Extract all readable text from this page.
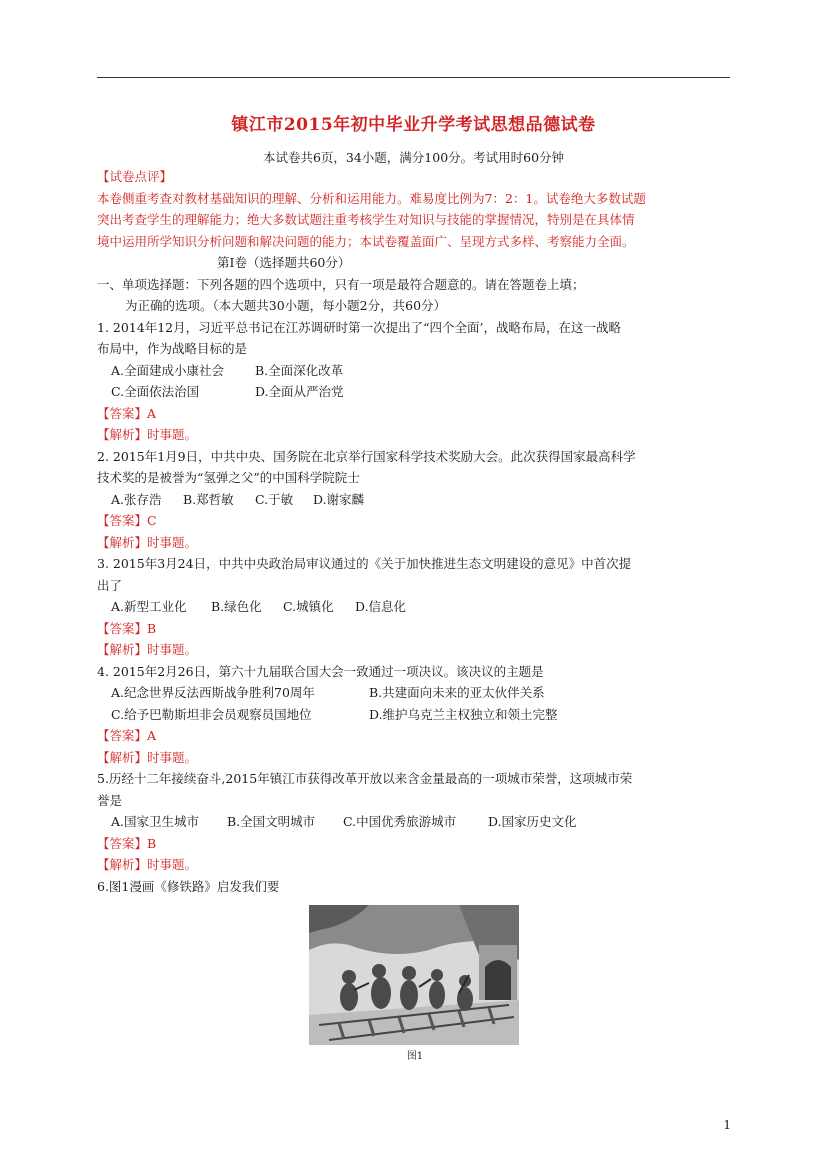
镇江市2015年初中毕业升学考试思想品德试卷
本试卷共6页，34小题，满分100分。考试用时60分钟

【试卷点评】

本卷侧重考查对教材基础知识的理解、分析和运用能力。难易度比例为7：2：1。试卷绝大多数试题

突出考查学生的理解能力；绝大多数试题注重考核学生对知识与技能的掌握情况，特别是在具体情

境中运用所学知识分析问题和解决问题的能力；本试卷覆盖面广、呈现方式多样、考察能力全面。

第Ⅰ卷（选择题共60分）

一、单项选择题：下列各题的四个选项中，只有一项是最符合题意的。请在答题卷上填；

为正确的选项。（本大题共30小题，每小题2分，共60分）

1. 2014年12月，习近平总书记在江苏调研时第一次提出了“四个全面’，战略布局，在这一战略

布局中，作为战略目标的是

A.全面建成小康社会 B.全面深化改革

C.全面依法治国	D.全面从严治党

【答案】A

【解析】时事题。

2. 2015年1月9日，中共中央、国务院在北京举行国家科学技术奖励大会。此次获得国家最高科学

技术奖的是被誉为“氢弹之父”的中国科学院院士

A.张存浩 B.郑哲敏 C.于敏 D.谢家麟

【答案】C

【解析】时事题。

3. 2015年3月24日，中共中央政治局审议通过的《关于加快推进生态文明建设的意见》中首次提

出了

A.新型工业化 B.绿色化 C.城镇化 D.信息化

【答案】B

【解析】时事题。

4. 2015年2月26日，第六十九届联合国大会一致通过一项决议。该决议的主题是

A.纪念世界反法西斯战争胜利70周年	B.共建面向未来的亚太伙伴关系

C.给予巴勒斯坦非会员观察员国地位	D.维护乌克兰主权独立和领土完整

【答案】A

【解析】时事题。

5.历经十二年接续奋斗,2015年镇江市获得改革开放以来含金量最高的一项城市荣誉，这项城市荣

誉是

A.国家卫生城市 B.全国文明城市 C.中国优秀旅游城市	D.国家历史文化

【答案】B

【解析】时事题。

6.图1漫画《修铁路》启发我们要

图1
1
